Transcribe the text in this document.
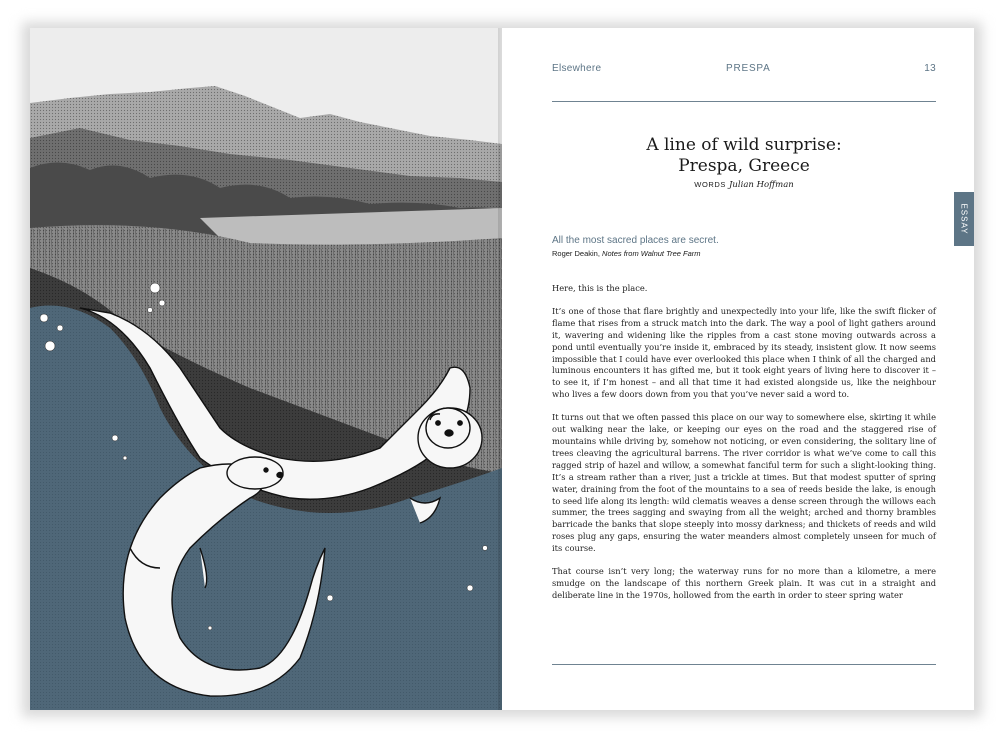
Elsewhere	PRESPA	13
A line of wild surprise:
Prespa, Greece
WORDS Julian Hoffman
ESSAY
All the most sacred places are secret.
Roger Deakin, Notes from Walnut Tree Farm

Here, this is the place.

It’s one of those that flare brightly and unexpectedly into your life, like the swift flicker of flame that rises from a struck match into the dark. The way a pool of light gathers around it, wavering and widening like the ripples from a cast stone moving outwards across a pond until eventually you’re inside it, embraced by its steady, insistent glow. It now seems impossible that I could have ever overlooked this place when I think of all the charged and luminous encounters it has gifted me, but it took eight years of living here to discover it – to see it, if I’m honest – and all that time it had existed alongside us, like the neighbour who lives a few doors down from you that you’ve never said a word to.

It turns out that we often passed this place on our way to somewhere else, skirting it while out walking near the lake, or keeping our eyes on the road and the staggered rise of mountains while driving by, somehow not noticing, or even considering, the solitary line of trees cleaving the agricultural barrens. The river corridor is what we’ve come to call this ragged strip of hazel and willow, a somewhat fanciful term for such a slight-looking thing. It’s a stream rather than a river, just a trickle at times. But that modest sputter of spring water, draining from the foot of the mountains to a sea of reeds beside the lake, is enough to seed life along its length: wild clematis weaves a dense screen through the willows each summer, the trees sagging and swaying from all the weight; arched and thorny brambles barricade the banks that slope steeply into mossy darkness; and thickets of reeds and wild roses plug any gaps, ensuring the water meanders almost completely unseen for much of its course.

That course isn’t very long; the waterway runs for no more than a kilometre, a mere smudge on the landscape of this northern Greek plain. It was cut in a straight and deliberate line in the 1970s, hollowed from the earth in order to steer spring water
